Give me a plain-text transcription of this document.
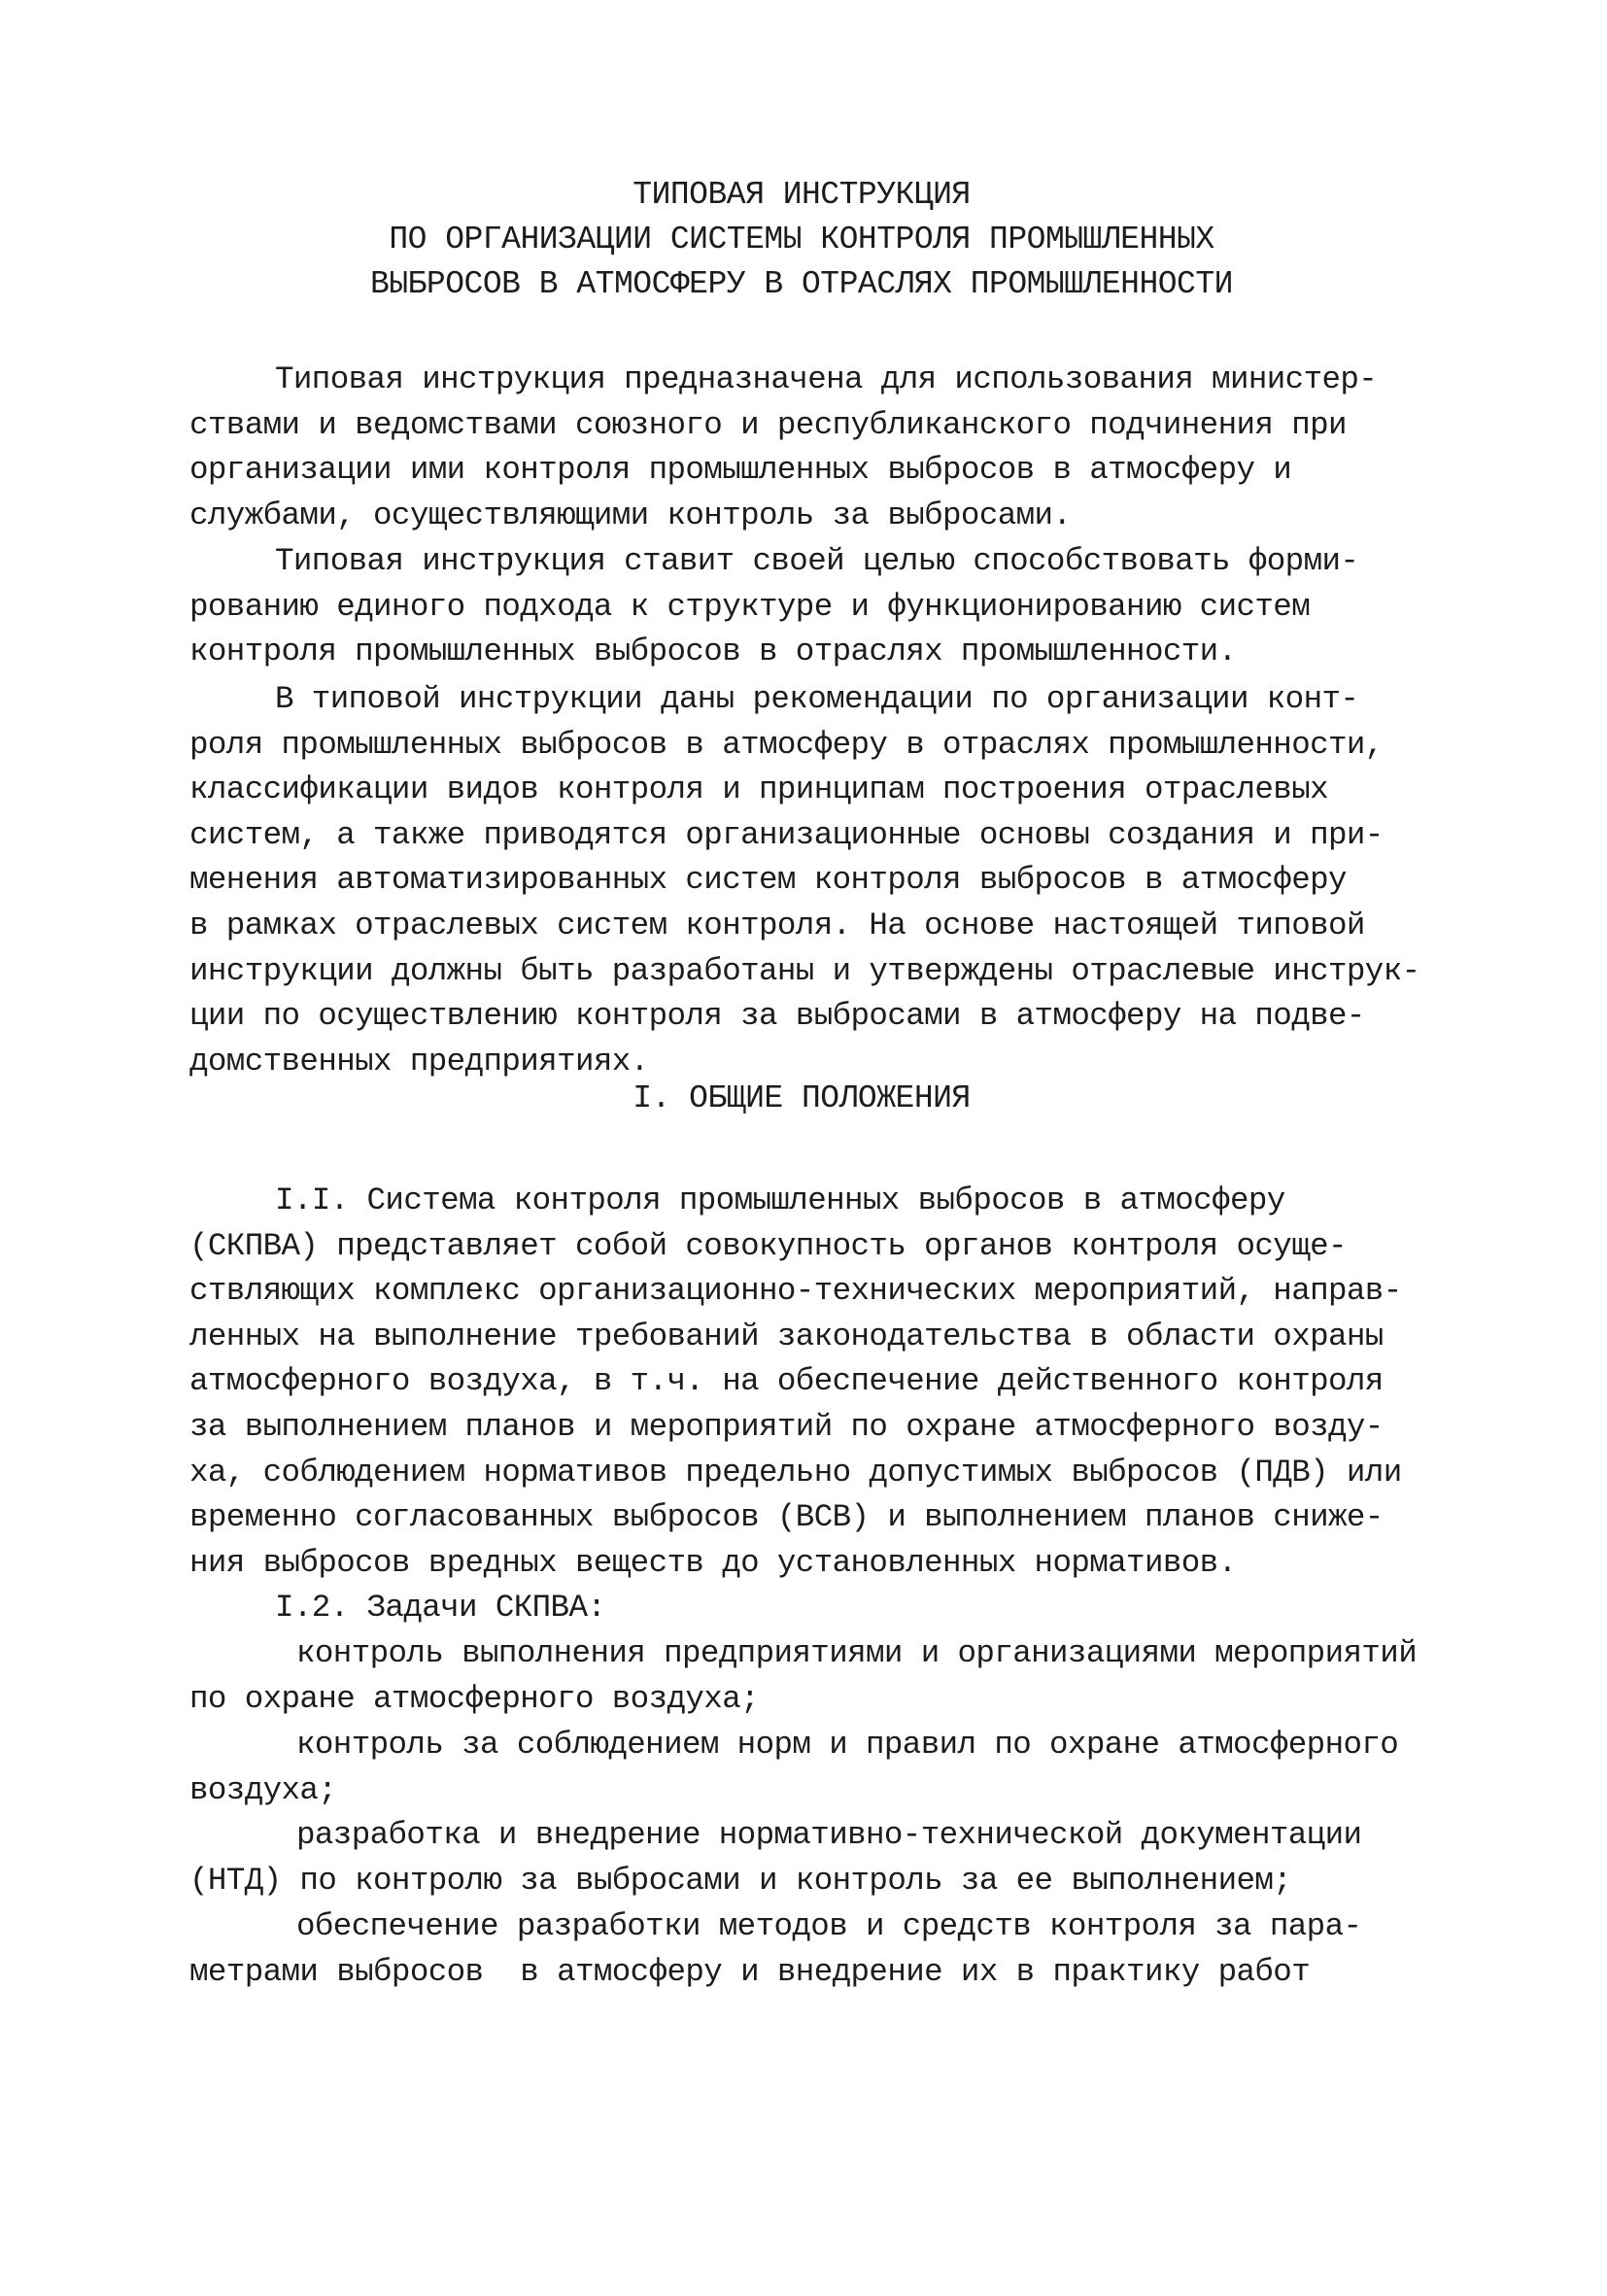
ТИПОВАЯ ИНСТРУКЦИЯ
ПО ОРГАНИЗАЦИИ СИСТЕМЫ КОНТРОЛЯ ПРОМЫШЛЕННЫХ
ВЫБРОСОВ В АТМОСФЕРУ В ОТРАСЛЯХ ПРОМЫШЛЕННОСТИ
Типовая инструкция предназначена для использования министер-
ствами и ведомствами союзного и республиканского подчинения при
организации ими контроля промышленных выбросов в атмосферу и
службами, осуществляющими контроль за выбросами.
Типовая инструкция ставит своей целью способствовать форми-
рованию единого подхода к структуре и функционированию систем
контроля промышленных выбросов в отраслях промышленности.
В типовой инструкции даны рекомендации по организации конт-
роля промышленных выбросов в атмосферу в отраслях промышленности,
классификации видов контроля и принципам построения отраслевых
систем, а также приводятся организационные основы создания и при-
менения автоматизированных систем контроля выбросов в атмосферу
в рамках отраслевых систем контроля. На основе настоящей типовой
инструкции должны быть разработаны и утверждены отраслевые инструк-
ции по осуществлению контроля за выбросами в атмосферу на подве-
домственных предприятиях.
I. ОБЩИЕ ПОЛОЖЕНИЯ
I.I. Система контроля промышленных выбросов в атмосферу
(СКПВА) представляет собой совокупность органов контроля осуще-
ствляющих комплекс организационно-технических мероприятий, направ-
ленных на выполнение требований законодательства в области охраны
атмосферного воздуха, в т.ч. на обеспечение действенного контроля
за выполнением планов и мероприятий по охране атмосферного возду-
ха, соблюдением нормативов предельно допустимых выбросов (ПДВ) или
временно согласованных выбросов (ВСВ) и выполнением планов сниже-
ния выбросов вредных веществ до установленных нормативов.
I.2. Задачи СКПВА:
контроль выполнения предприятиями и организациями мероприятий
по охране атмосферного воздуха;
контроль за соблюдением норм и правил по охране атмосферного
воздуха;
разработка и внедрение нормативно-технической документации
(НТД) по контролю за выбросами и контроль за ее выполнением;
обеспечение разработки методов и средств контроля за пара-
метрами выбросов  в атмосферу и внедрение их в практику работ
